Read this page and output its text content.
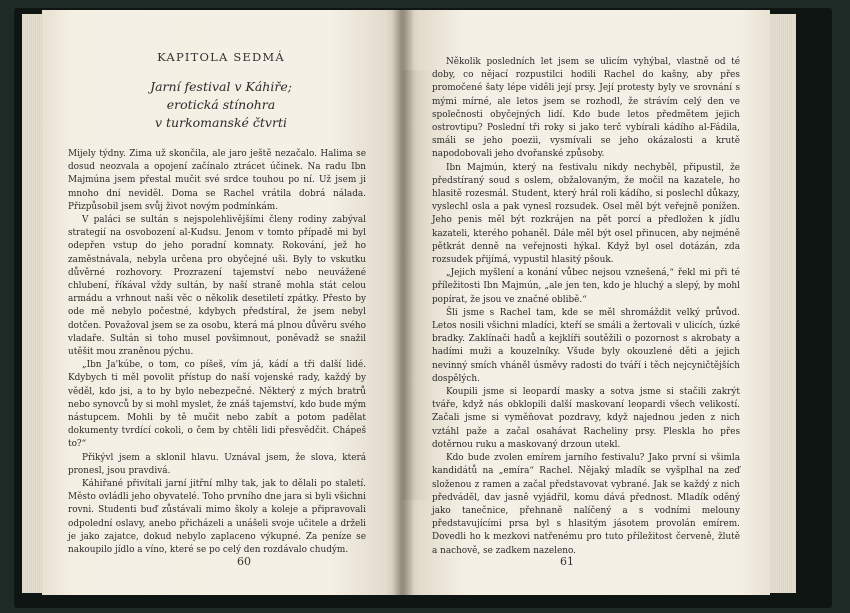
KAPITOLA SEDMÁ
Jarní festival v Káhiře;
erotická stínohra
v turkomanské čtvrti

Mijely týdny. Zima už skončila, ale jaro ještě nezačalo. Halima se dosud neozvala a opojení začínalo ztrácet účinek. Na radu Ibn Majmúna jsem přestal mučit své srdce touhou po ní. Už jsem ji mnoho dní neviděl. Doma se Rachel vrátila dobrá nálada. Přizpůsobil jsem svůj život novým podmínkám.

V paláci se sultán s nejspolehlivějšími členy rodiny zabýval strategií na osvobození al-Kudsu. Jenom v tomto případě mi byl odepřen vstup do jeho poradní komnaty. Rokování, jež ho zaměstnávala, nebyla určena pro obyčejné uši. Byly to vskutku důvěrné rozhovory. Prozrazení tajemství nebo neuvážené chlubení, říkával vždy sultán, by naší straně mohla stát celou armádu a vrhnout naši věc o několik desetiletí zpátky. Přesto by ode mě nebylo počestné, kdybych předstíral, že jsem nebyl dotčen. Považoval jsem se za osobu, která má plnou důvěru svého vladaře. Sultán si toho musel povšimnout, poněvadž se snažil utěšit mou zraněnou pýchu.

„Ibn Ja'kúbe, o tom, co píšeš, vím já, kádí a tři další lidé. Kdybych ti měl povolit přístup do naší vojenské rady, každý by věděl, kdo jsi, a to by bylo nebezpečné. Některý z mých bratrů nebo synovců by si mohl myslet, že znáš tajemství, kdo bude mým nástupcem. Mohli by tě mučit nebo zabít a potom padělat dokumenty tvrdící cokoli, o čem by chtěli lidi přesvědčit. Chápeš to?“

Přikývl jsem a sklonil hlavu. Uznával jsem, že slova, která pronesl, jsou pravdivá.

Káhiřané přivítali jarní jitřní mlhy tak, jak to dělali po staletí. Město ovládli jeho obyvatelé. Toho prvního dne jara si byli všichni rovni. Studenti buď zůstávali mimo školy a koleje a připravovali odpolední oslavy, anebo přicházeli a unášeli svoje učitele a drželi je jako zajatce, dokud nebylo zaplaceno výkupné. Za peníze se nakoupilo jídlo a víno, které se po celý den rozdávalo chudým.

60

Několik posledních let jsem se ulicím vyhýbal, vlastně od té doby, co nějací rozpustilci hodili Rachel do kašny, aby přes promočené šaty lépe viděli její prsy. Její protesty byly ve srovnání s mými mírné, ale letos jsem se rozhodl, že strávím celý den ve společnosti obyčejných lidí. Kdo bude letos předmětem jejich ostrovtipu? Poslední tři roky si jako terč vybírali kádího al-Fádila, smáli se jeho poezii, vysmívali se jeho okázalosti a krutě napodobovali jeho dvořanské způsoby.

Ibn Majmún, který na festivalu nikdy nechyběl, připustil, že předstíraný soud s oslem, obžalovaným, že močil na kazatele, ho hlasitě rozesmál. Student, který hrál roli kádího, si poslechl důkazy, vyslechl osla a pak vynesl rozsudek. Osel měl být veřejně ponížen. Jeho penis měl být rozkrájen na pět porcí a předložen k jídlu kazateli, kterého pohaněl. Dále měl být osel přinucen, aby nejméně pětkrát denně na veřejnosti hýkal. Když byl osel dotázán, zda rozsudek přijímá, vypustil hlasitý pšouk.

„Jejich myšlení a konání vůbec nejsou vznešená,“ řekl mi při té příležitosti Ibn Majmún, „ale jen ten, kdo je hluchý a slepý, by mohl popírat, že jsou ve značné oblibě.“

Šli jsme s Rachel tam, kde se měl shromáždit velký průvod. Letos nosili všichni mladíci, kteří se smáli a žertovali v ulicích, úzké bradky. Zaklínači hadů a kejklíři soutěžili o pozornost s akrobaty a hadími muži a kouzelníky. Všude byly okouzlené děti a jejich nevinný smích vháněl úsměvy radosti do tváří i těch nejcyničtějších dospělých.

Koupili jsme si leopardí masky a sotva jsme si stačili zakrýt tváře, když nás obklopili další maskovaní leopardi všech velikostí. Začali jsme si vyměňovat pozdravy, když najednou jeden z nich vztáhl paže a začal osahávat Racheliny prsy. Pleskla ho přes dotěrnou ruku a maskovaný drzoun utekl.

Kdo bude zvolen emírem jarního festivalu? Jako první si všimla kandidátů na „emíra“ Rachel. Nějaký mladík se vyšplhal na zeď složenou z ramen a začal představovat vybrané. Jak se každý z nich předváděl, dav jasně vyjádřil, komu dává přednost. Mladík oděný jako tanečnice, přehnaně nalíčený a s vodními melouny představujícími prsa byl s hlasitým jásotem provolán emírem. Dovedli ho k mezkovi natřenému pro tuto příležitost červeně, žlutě a nachově, se zadkem nazeleno.

61
